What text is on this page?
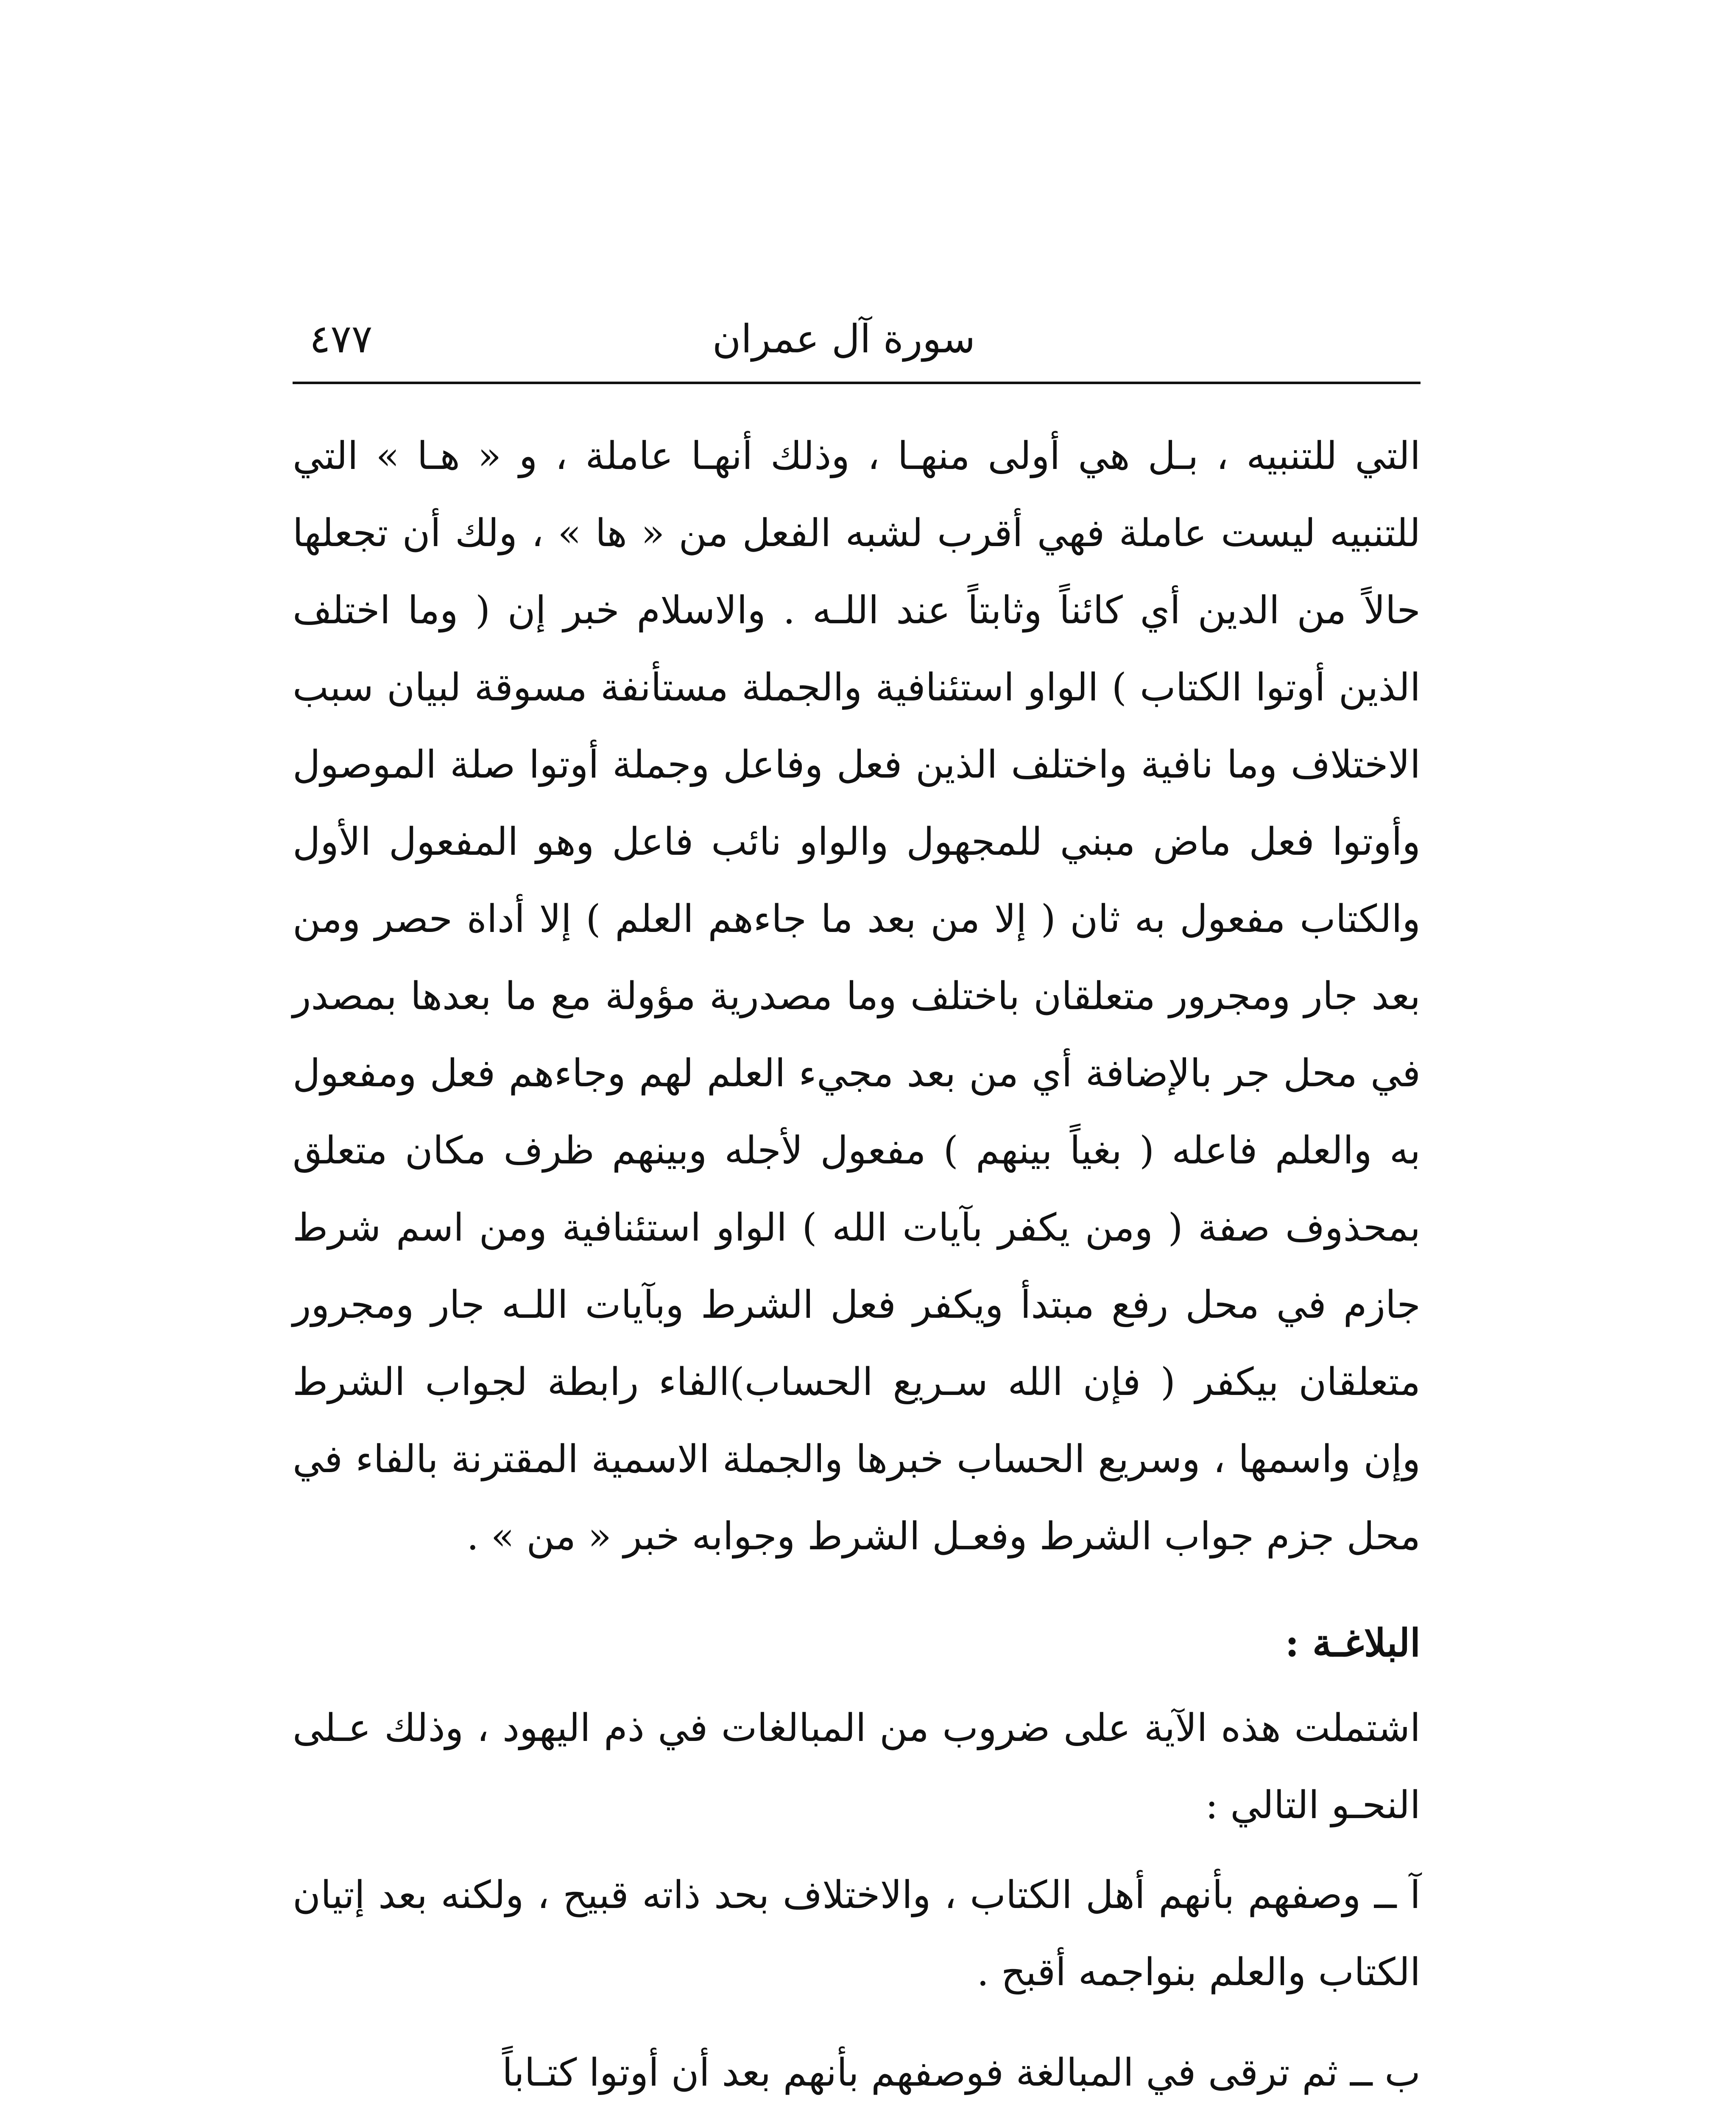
سورة آل عمران
٤٧٧

التي للتنبيه ، بـل هي أولى منهـا ، وذلك أنهـا عاملة ، و « هـا » التي للتنبيه ليست عاملة فهي أقرب لشبه الفعل من « ها » ، ولك أن تجعلها حالاً من الدين أي كائناً وثابتاً عند اللـه . والاسلام خبر إن ( وما اختلف الذين أوتوا الكتاب ) الواو استئنافية والجملة مستأنفة مسوقة لبيان سبب الاختلاف وما نافية واختلف الذين فعل وفاعل وجملة أوتوا صلة الموصول وأوتوا فعل ماض مبني للمجهول والواو نائب فاعل وهو المفعول الأول والكتاب مفعول به ثان ( إلا من بعد ما جاءهم العلم ) إلا أداة حصر ومن بعد جار ومجرور متعلقان باختلف وما مصدرية مؤولة مع ما بعدها بمصدر في محل جر بالإضافة أي من بعد مجيء العلم لهم وجاءهم فعل ومفعول به والعلم فاعله ( بغياً بينهم ) مفعول لأجله وبينهم ظرف مكان متعلق بمحذوف صفة ( ومن يكفر بآيات الله ) الواو استئنافية ومن اسم شرط جازم في محل رفع مبتدأ ويكفر فعل الشرط وبآيات اللـه جار ومجرور متعلقان بيكفر ( فإن الله سـريع الحساب)الفاء رابطة لجواب الشرط وإن واسمها ، وسريع الحساب خبرها والجملة الاسمية المقترنة بالفاء في محل جزم جواب الشرط وفعـل الشرط وجوابه خبر « من » .

البلاغـة :

اشتملت هذه الآية على ضروب من المبالغات في ذم اليهود ، وذلك عـلى النحـو التالي :

آ ــ وصفهم بأنهم أهل الكتاب ، والاختلاف بحد ذاته قبيح ، ولكنه بعد إتيان الكتاب والعلم بنواجمه أقبح .

ب ــ ثم ترقى في المبالغة فوصفهم بأنهم بعد أن أوتوا كتـاباً
